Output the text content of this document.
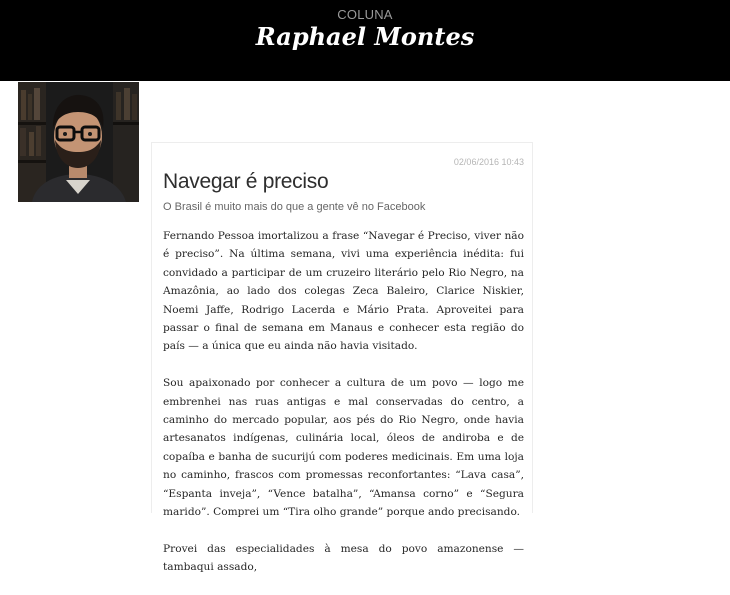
COLUNA
Raphael Montes
02/06/2016 10:43
Navegar é preciso
O Brasil é muito mais do que a gente vê no Facebook

Fernando Pessoa imortalizou a frase “Navegar é Preciso, viver não é preciso”. Na última semana, vivi uma experiência inédita: fui convidado a participar de um cruzeiro literário pelo Rio Negro, na Amazônia, ao lado dos colegas Zeca Baleiro, Clarice Niskier, Noemi Jaffe, Rodrigo Lacerda e Mário Prata. Aproveitei para passar o final de semana em Manaus e conhecer esta região do país — a única que eu ainda não havia visitado.

Sou apaixonado por conhecer a cultura de um povo — logo me embrenhei nas ruas antigas e mal conservadas do centro, a caminho do mercado popular, aos pés do Rio Negro, onde havia artesanatos indígenas, culinária local, óleos de andiroba e de copaíba e banha de sucurijú com poderes medicinais. Em uma loja no caminho, frascos com promessas reconfortantes: “Lava casa”, “Espanta inveja”, “Vence batalha”, “Amansa corno” e “Segura marido”. Comprei um “Tira olho grande” porque ando precisando.

Provei das especialidades à mesa do povo amazonense — tambaqui assado,
